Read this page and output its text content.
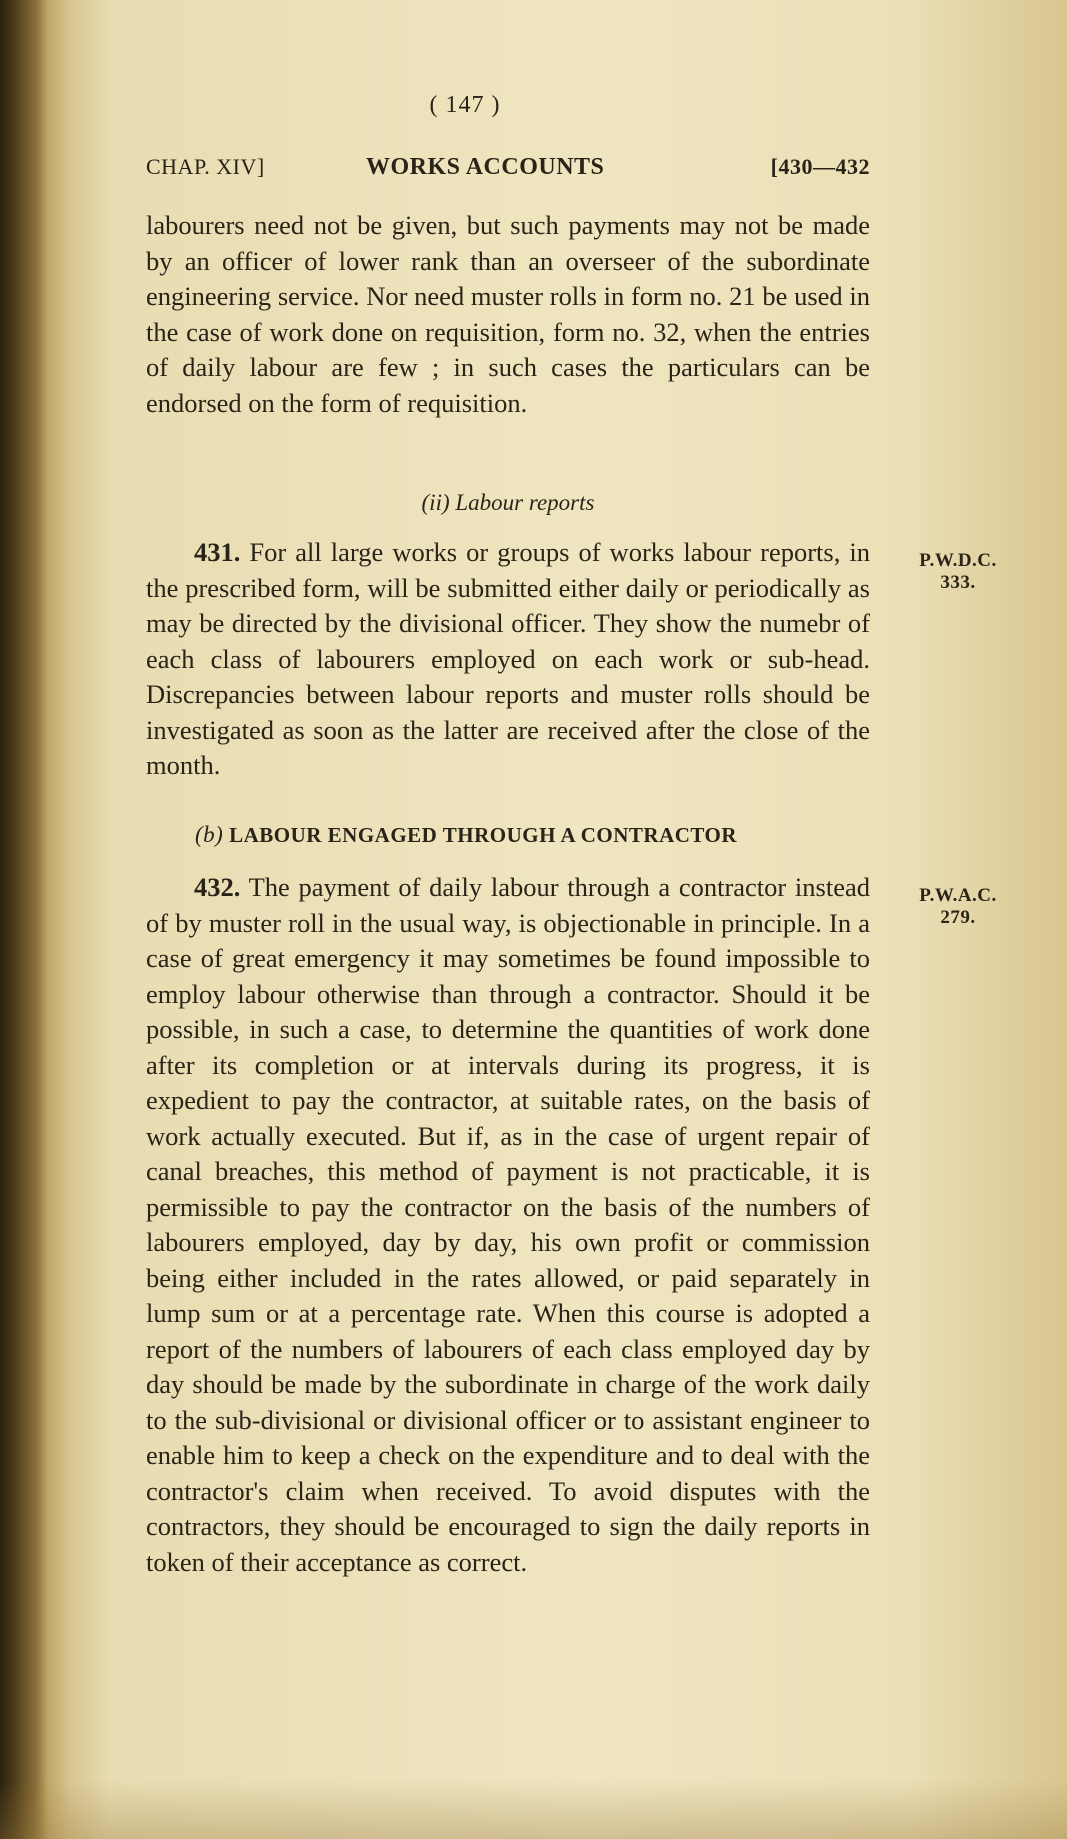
( 147 )
CHAP. XIV]	WORKS ACCOUNTS	[430—432

labourers need not be given, but such payments may not be made by an officer of lower rank than an overseer of the subordinate engineering service. Nor need muster rolls in form no. 21 be used in the case of work done on requisition, form no. 32, when the entries of daily labour are few ; in such cases the particulars can be endorsed on the form of requisition.

(ii) Labour reports

431. For all large works or groups of works labour reports, in the prescribed form, will be submitted either daily or periodically as may be directed by the divisional officer. They show the numebr of each class of labourers employed on each work or sub-head. Discrepancies between labour reports and muster rolls should be investigated as soon as the latter are received after the close of the month.

P.W.D.C.
333.

(b) LABOUR ENGAGED THROUGH A CONTRACTOR

432. The payment of daily labour through a contractor instead of by muster roll in the usual way, is objectionable in principle. In a case of great emergency it may sometimes be found impossible to employ labour otherwise than through a contractor. Should it be possible, in such a case, to determine the quantities of work done after its completion or at intervals during its progress, it is expedient to pay the contractor, at suitable rates, on the basis of work actually executed. But if, as in the case of urgent repair of canal breaches, this method of payment is not practicable, it is permissible to pay the contractor on the basis of the numbers of labourers employed, day by day, his own profit or commission being either included in the rates allowed, or paid separately in lump sum or at a percentage rate. When this course is adopted a report of the numbers of labourers of each class employed day by day should be made by the subordinate in charge of the work daily to the sub-divisional or divisional officer or to assistant engineer to enable him to keep a check on the expenditure and to deal with the contractor's claim when received. To avoid disputes with the contractors, they should be encouraged to sign the daily reports in token of their acceptance as correct.

P.W.A.C.
279.
